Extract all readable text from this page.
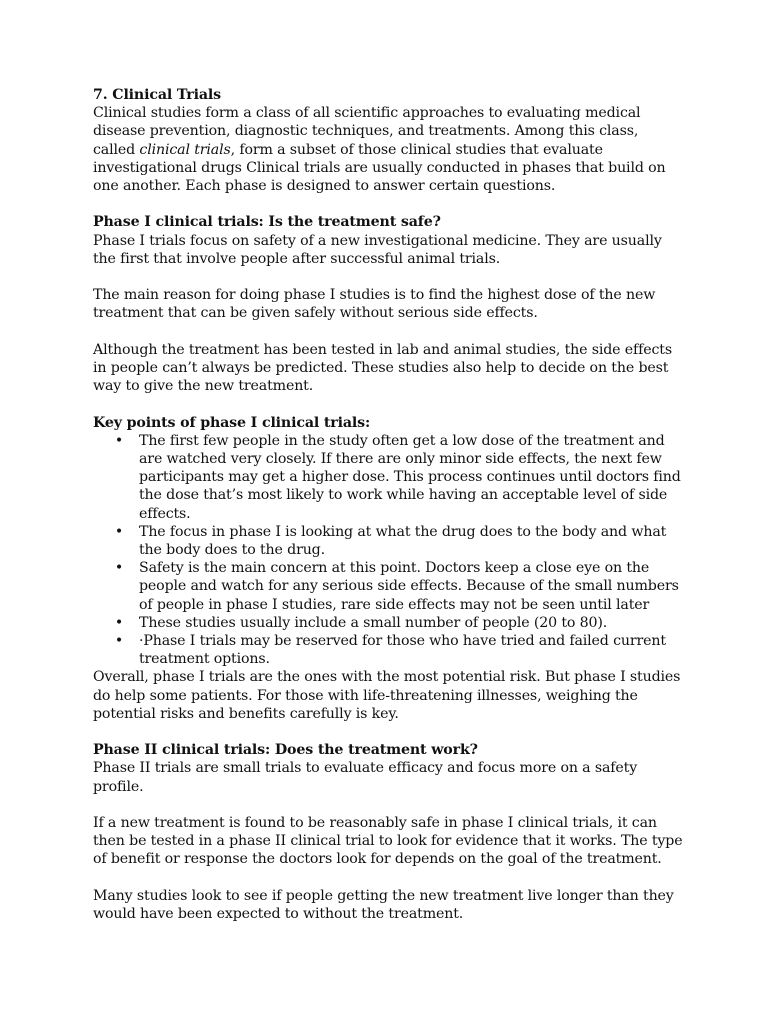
7. Clinical Trials
Clinical studies form a class of all scientific approaches to evaluating medical disease prevention, diagnostic techniques, and treatments. Among this class, called clinical trials, form a subset of those clinical studies that evaluate investigational drugs Clinical trials are usually conducted in phases that build on one another. Each phase is designed to answer certain questions.
Phase I clinical trials: Is the treatment safe?
Phase I trials focus on safety of a new investigational medicine. They are usually the first that involve people after successful animal trials.
The main reason for doing phase I studies is to find the highest dose of the new treatment that can be given safely without serious side effects.
Although the treatment has been tested in lab and animal studies, the side effects in people can’t always be predicted. These studies also help to decide on the best way to give the new treatment.
Key points of phase I clinical trials:
• The first few people in the study often get a low dose of the treatment and are watched very closely. If there are only minor side effects, the next few participants may get a higher dose. This process continues until doctors find the dose that’s most likely to work while having an acceptable level of side effects.
• The focus in phase I is looking at what the drug does to the body and what the body does to the drug.
• Safety is the main concern at this point. Doctors keep a close eye on the people and watch for any serious side effects. Because of the small numbers of people in phase I studies, rare side effects may not be seen until later
• These studies usually include a small number of people (20 to 80).
• ·Phase I trials may be reserved for those who have tried and failed current treatment options.
Overall, phase I trials are the ones with the most potential risk. But phase I studies do help some patients. For those with life-threatening illnesses, weighing the potential risks and benefits carefully is key.
Phase II clinical trials: Does the treatment work?
Phase II trials are small trials to evaluate efficacy and focus more on a safety profile.
If a new treatment is found to be reasonably safe in phase I clinical trials, it can then be tested in a phase II clinical trial to look for evidence that it works. The type of benefit or response the doctors look for depends on the goal of the treatment.
Many studies look to see if people getting the new treatment live longer than they would have been expected to without the treatment.
